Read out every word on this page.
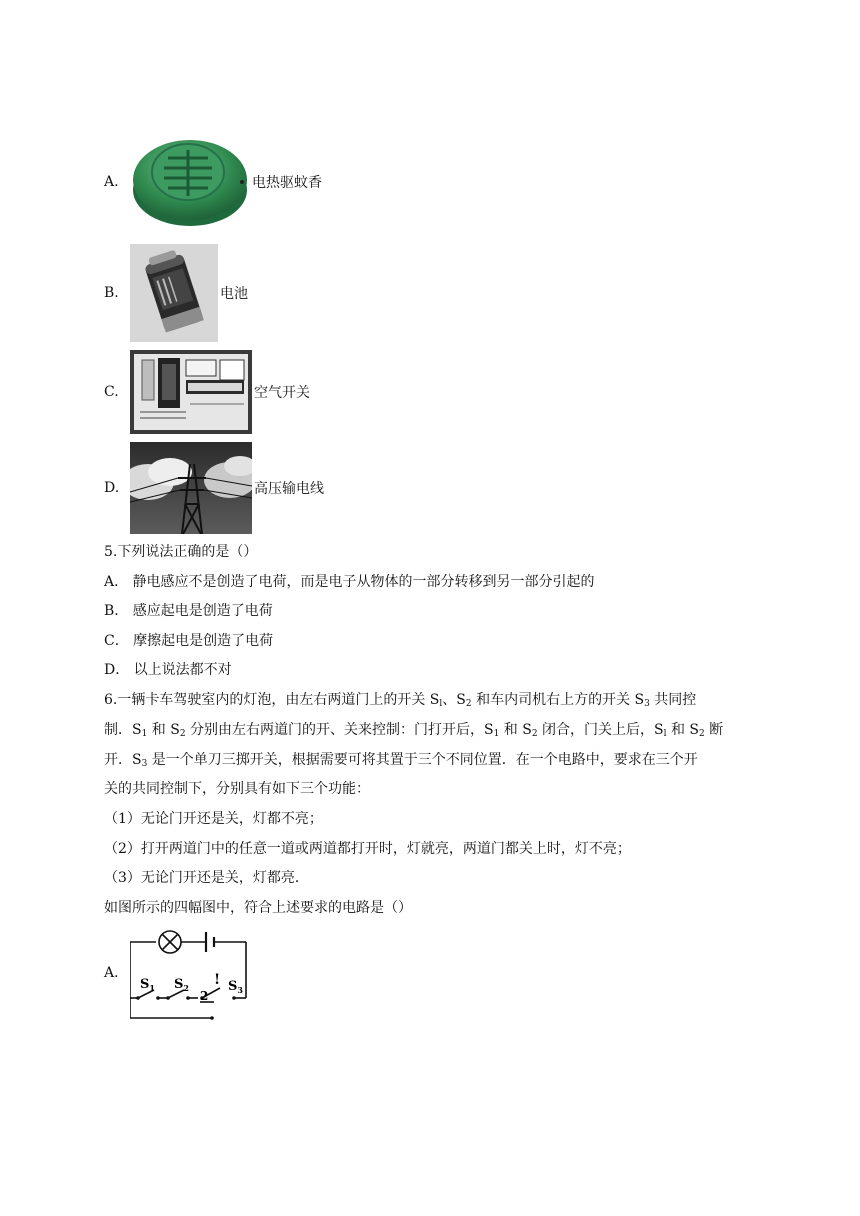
A.	电热驱蚊香
B.	电池
C.	空气开关
D.	高压输电线
5.下列说法正确的是（）
A． 静电感应不是创造了电荷，而是电子从物体的一部分转移到另一部分引起的
B． 感应起电是创造了电荷
C． 摩擦起电是创造了电荷
D． 以上说法都不对
6.一辆卡车驾驶室内的灯泡，由左右两道门上的开关 $S_l$、$S_2$ 和车内司机右上方的开关 $S_3$ 共同控
制．$S_1$ 和 $S_2$ 分别由左右两道门的开、关来控制：门打开后，$S_1$ 和 $S_2$ 闭合，门关上后，$S_l$ 和 $S_2$ 断
开．$S_3$ 是一个单刀三掷开关，根据需要可将其置于三个不同位置．在一个电路中，要求在三个开
关的共同控制下，分别具有如下三个功能：
（1）无论门开还是关，灯都不亮；
（2）打开两道门中的任意一道或两道都打开时，灯就亮，两道门都关上时，灯不亮；
（3）无论门开还是关，灯都亮．
如图所示的四幅图中，符合上述要求的电路是（）
A．
$S_1$ $S_2$	$S_3$
!
2
